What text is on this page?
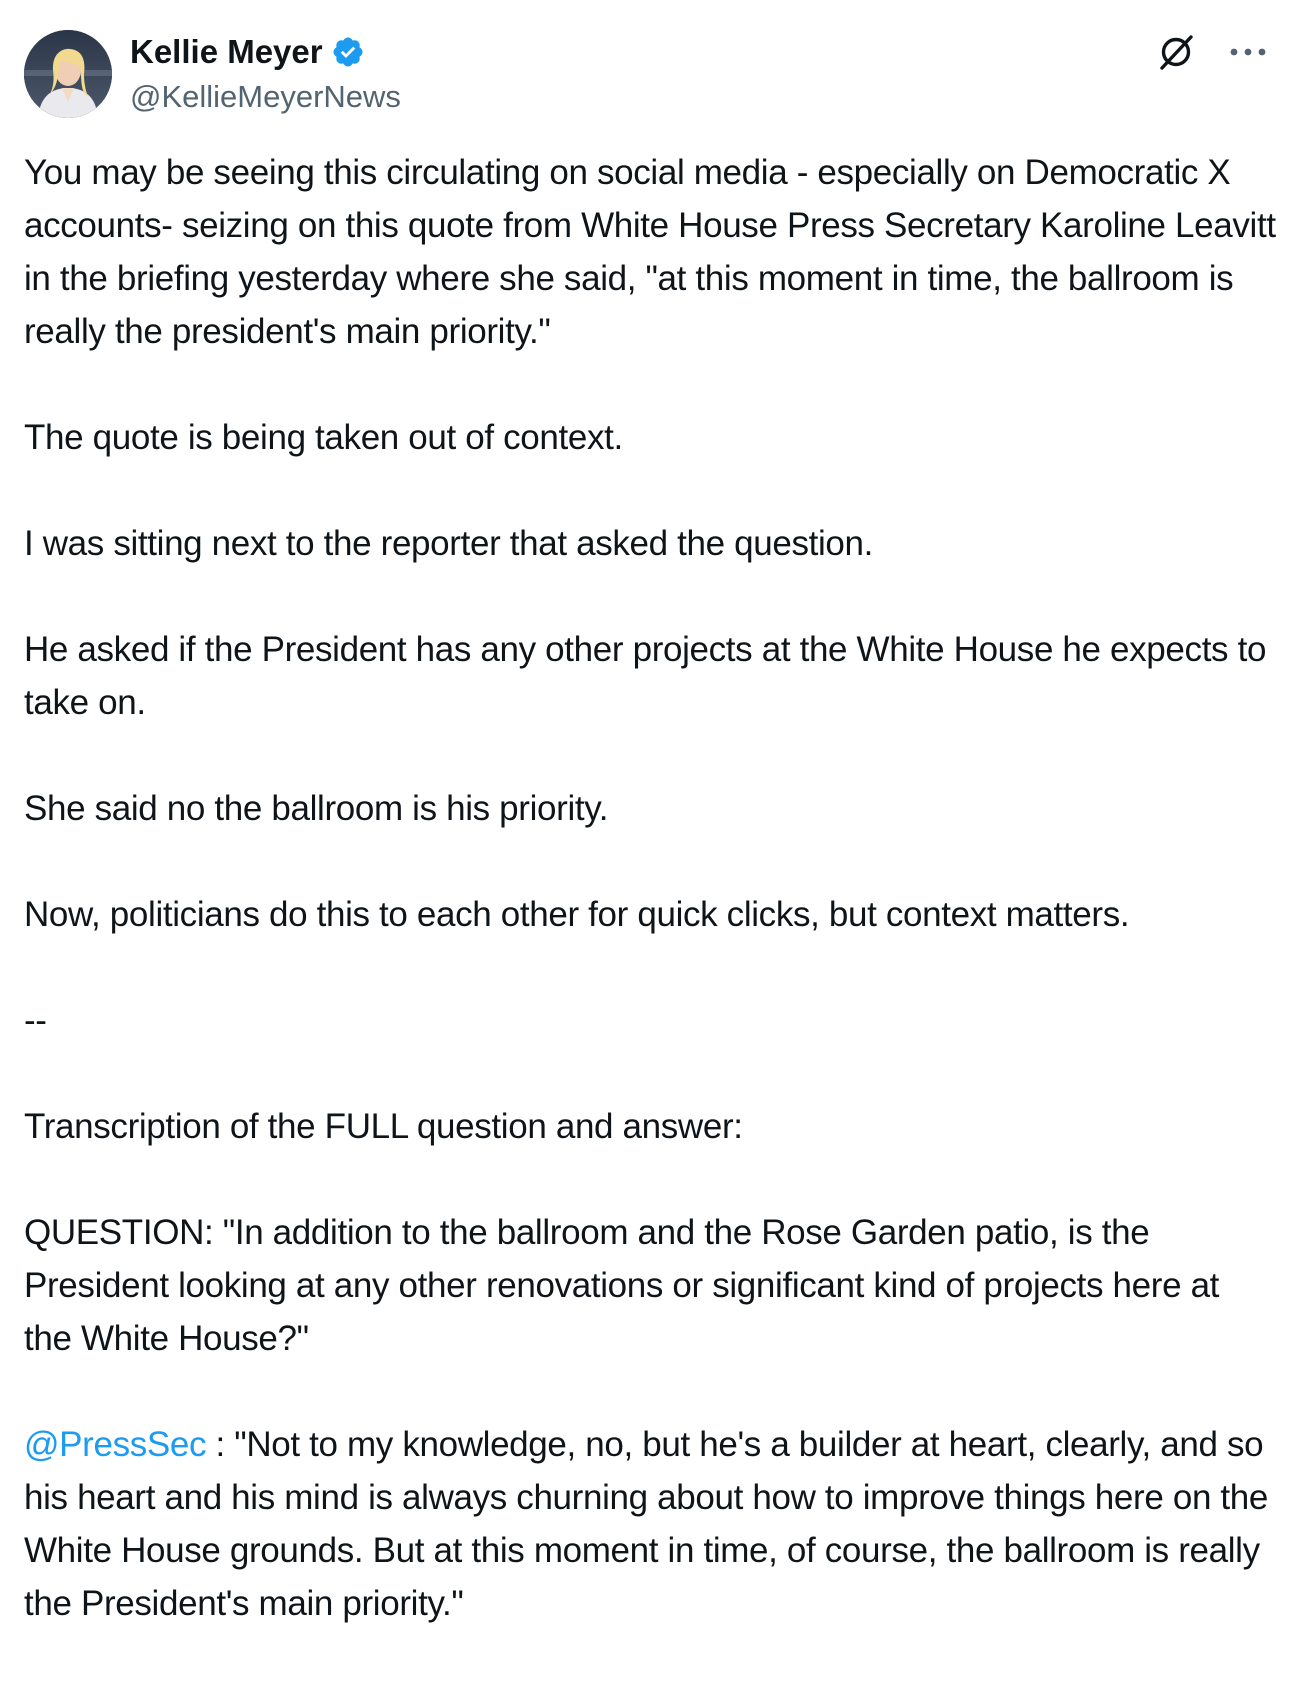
Kellie Meyer
@KellieMeyerNews

You may be seeing this circulating on social media - especially on Democratic X accounts- seizing on this quote from White House Press Secretary Karoline Leavitt in the briefing yesterday where she said, "at this moment in time, the ballroom is really the president's main priority."

The quote is being taken out of context.

I was sitting next to the reporter that asked the question.

He asked if the President has any other projects at the White House he expects to take on.

She said no the ballroom is his priority.

Now, politicians do this to each other for quick clicks, but context matters.

--

Transcription of the FULL question and answer:

QUESTION: "In addition to the ballroom and the Rose Garden patio, is the President looking at any other renovations or significant kind of projects here at the White House?"

@PressSec : "Not to my knowledge, no, but he's a builder at heart, clearly, and so his heart and his mind is always churning about how to improve things here on the White House grounds. But at this moment in time, of course, the ballroom is really the President's main priority."
